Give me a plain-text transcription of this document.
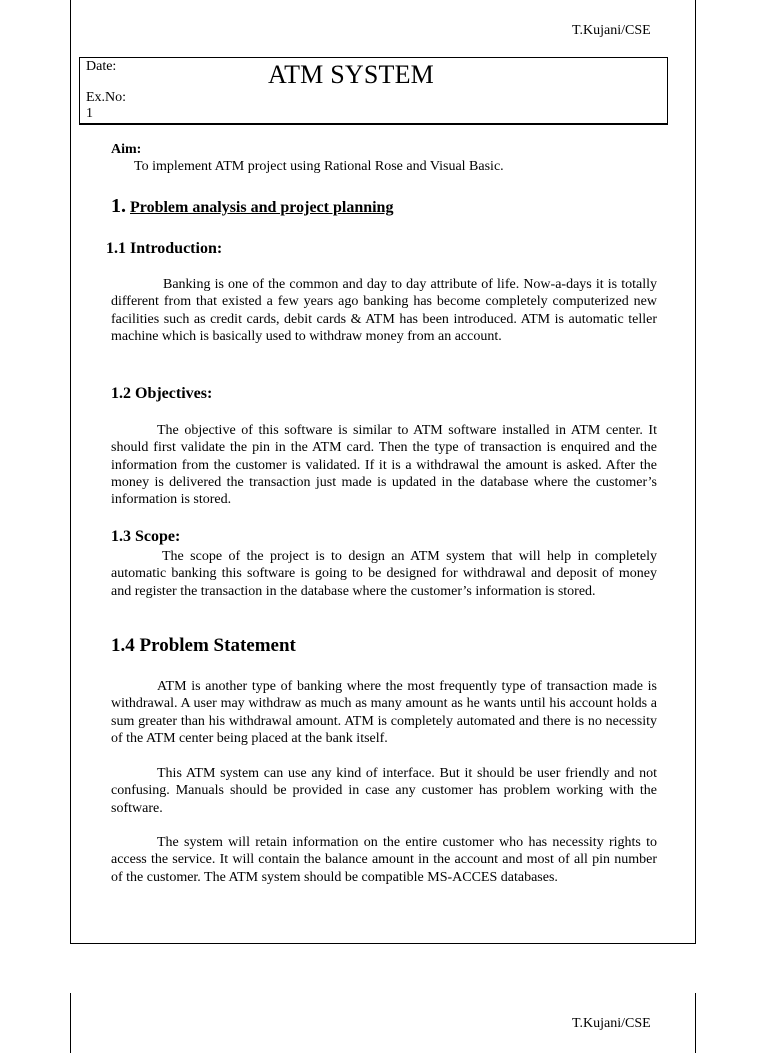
T.Kujani/CSE
Date:
Ex.No:
1
ATM SYSTEM
Aim:
To implement ATM project using Rational Rose and Visual Basic.
1. Problem analysis and project planning
1.1 Introduction:

Banking is one of the common and day to day attribute of life. Now-a-days it is totally different from that existed a few years ago banking has become completely computerized new facilities such as credit cards, debit cards & ATM has been introduced. ATM is automatic teller machine which is basically used to withdraw money from an account.

1.2 Objectives:

The objective of this software is similar to ATM software installed in ATM center. It should first validate the pin in the ATM card. Then the type of transaction is enquired and the information from the customer is validated. If it is a withdrawal the amount is asked. After the money is delivered the transaction just made is updated in the database where the customer’s information is stored.

1.3 Scope:

The scope of the project is to design an ATM system that will help in completely automatic banking this software is going to be designed for withdrawal and deposit of money and register the transaction in the database where the customer’s information is stored.

1.4 Problem Statement

ATM is another type of banking where the most frequently type of transaction made is withdrawal. A user may withdraw as much as many amount as he wants until his account holds a sum greater than his withdrawal amount. ATM is completely automated and there is no necessity of the ATM center being placed at the bank itself.

This ATM system can use any kind of interface. But it should be user friendly and not confusing. Manuals should be provided in case any customer has problem working with the software.

The system will retain information on the entire customer who has necessity rights to access the service. It will contain the balance amount in the account and most of all pin number of the customer. The ATM system should be compatible MS-ACCES databases.

T.Kujani/CSE
